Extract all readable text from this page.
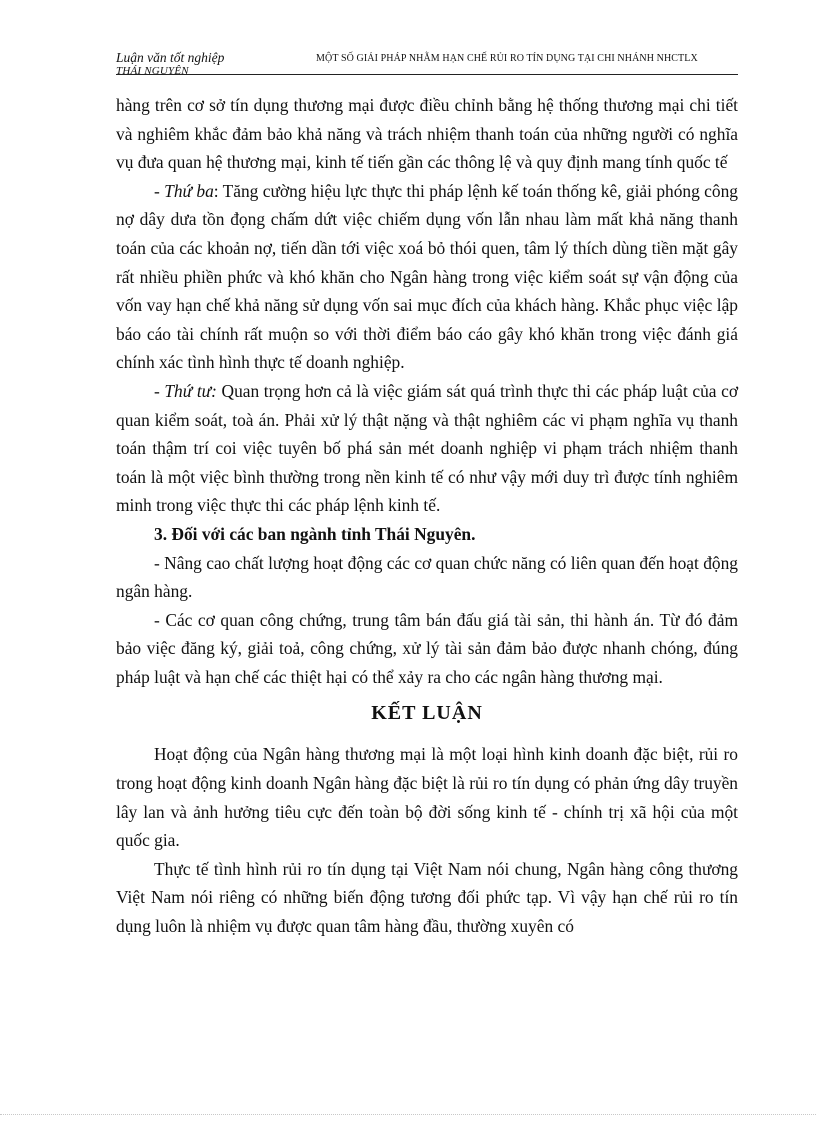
Luận văn tốt nghiệp
THÁI NGUYÊN
MỘT SỐ GIẢI PHÁP NHẰM HẠN CHẾ RỦI RO TÍN DỤNG TẠI CHI NHÁNH NHCTLX

hàng trên cơ sở tín dụng thương mại được điều chỉnh bằng hệ thống thương mại chi tiết và nghiêm khắc đảm bảo khả năng và trách nhiệm thanh toán của những người có nghĩa vụ đưa quan hệ thương mại, kinh tế tiến gần các thông lệ và quy định mang tính quốc tế

- Thứ ba: Tăng cường hiệu lực thực thi pháp lệnh kế toán thống kê, giải phóng công nợ dây dưa tồn đọng chấm dứt việc chiếm dụng vốn lẫn nhau làm mất khả năng thanh toán của các khoản nợ, tiến dần tới việc xoá bỏ thói quen, tâm lý thích dùng tiền mặt gây rất nhiều phiền phức và khó khăn cho Ngân hàng trong việc kiểm soát sự vận động của vốn vay hạn chế khả năng sử dụng vốn sai mục đích của khách hàng. Khắc phục việc lập báo cáo tài chính rất muộn so với thời điểm báo cáo gây khó khăn trong việc đánh giá chính xác tình hình thực tế doanh nghiệp.

- Thứ tư: Quan trọng hơn cả là việc giám sát quá trình thực thi các pháp luật của cơ quan kiểm soát, toà án. Phải xử lý thật nặng và thật nghiêm các vi phạm nghĩa vụ thanh toán thậm trí coi việc tuyên bố phá sản mét doanh nghiệp vi phạm trách nhiệm thanh toán là một việc bình thường trong nền kinh tế có như vậy mới duy trì được tính nghiêm minh trong việc thực thi các pháp lệnh kinh tế.

3. Đối với các ban ngành tỉnh Thái Nguyên.

- Nâng cao chất lượng hoạt động các cơ quan chức năng có liên quan đến hoạt động ngân hàng.

- Các cơ quan công chứng, trung tâm bán đấu giá tài sản, thi hành án. Từ đó đảm bảo việc đăng ký, giải toả, công chứng, xử lý tài sản đảm bảo được nhanh chóng, đúng pháp luật và hạn chế các thiệt hại có thể xảy ra cho các ngân hàng thương mại.

KẾT LUẬN

Hoạt động của Ngân hàng thương mại là một loại hình kinh doanh đặc biệt, rủi ro trong hoạt động kinh doanh Ngân hàng đặc biệt là rủi ro tín dụng có phản ứng dây truyền lây lan và ảnh hưởng tiêu cực đến toàn bộ đời sống kinh tế - chính trị xã hội của một quốc gia.

Thực tế tình hình rủi ro tín dụng tại Việt Nam nói chung, Ngân hàng công thương Việt Nam nói riêng có những biến động tương đối phức tạp. Vì vậy hạn chế rủi ro tín dụng luôn là nhiệm vụ được quan tâm hàng đầu, thường xuyên có
